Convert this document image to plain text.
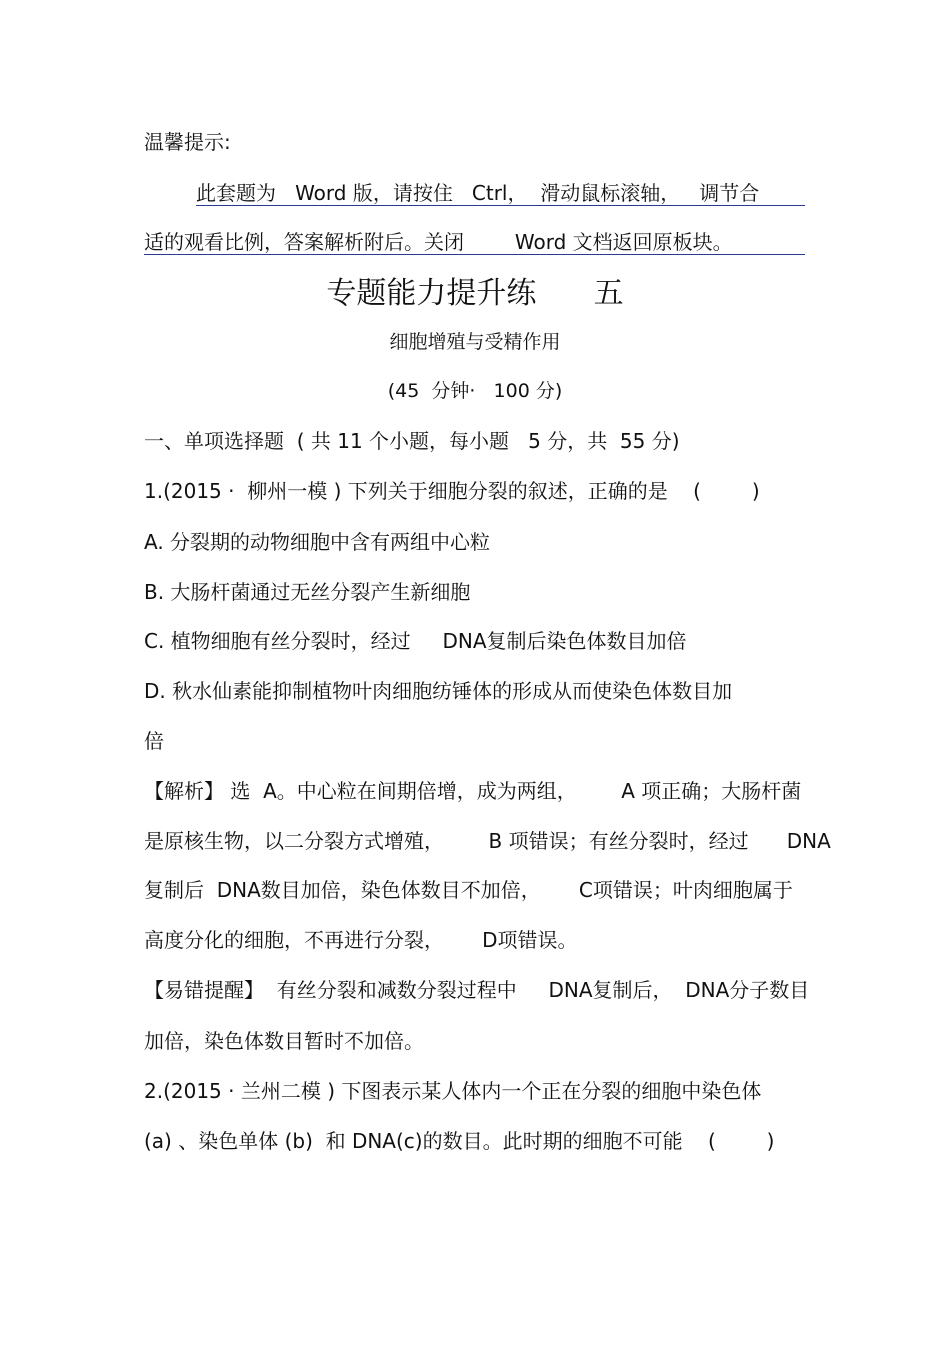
温馨提示:
此套题为   Word 版，请按住   Ctrl，  滑动鼠标滚轴，   调节合
适的观看比例，答案解析附后。关闭        Word 文档返回原板块。
专题能力提升练      五
细胞增殖与受精作用
(45  分钟·   100 分)
一、单项选择题  ( 共 11 个小题，每小题   5 分，共  55 分)
1.(2015 ·  柳州一模 ) 下列关于细胞分裂的叙述，正确的是    (        )
A. 分裂期的动物细胞中含有两组中心粒
B. 大肠杆菌通过无丝分裂产生新细胞
C. 植物细胞有丝分裂时，经过     DNA复制后染色体数目加倍
D. 秋水仙素能抑制植物叶肉细胞纺锤体的形成从而使染色体数目加
倍
【解析】 选  A。中心粒在间期倍增，成为两组，       A 项正确；大肠杆菌
是原核生物，以二分裂方式增殖，       B 项错误；有丝分裂时，经过      DNA
复制后  DNA数目加倍，染色体数目不加倍，      C项错误；叶肉细胞属于
高度分化的细胞，不再进行分裂，      D项错误。
【易错提醒】  有丝分裂和减数分裂过程中     DNA复制后，  DNA分子数目
加倍，染色体数目暂时不加倍。
2.(2015 · 兰州二模 ) 下图表示某人体内一个正在分裂的细胞中染色体
(a) 、染色单体 (b)  和 DNA(c)的数目。此时期的细胞不可能    (        )
